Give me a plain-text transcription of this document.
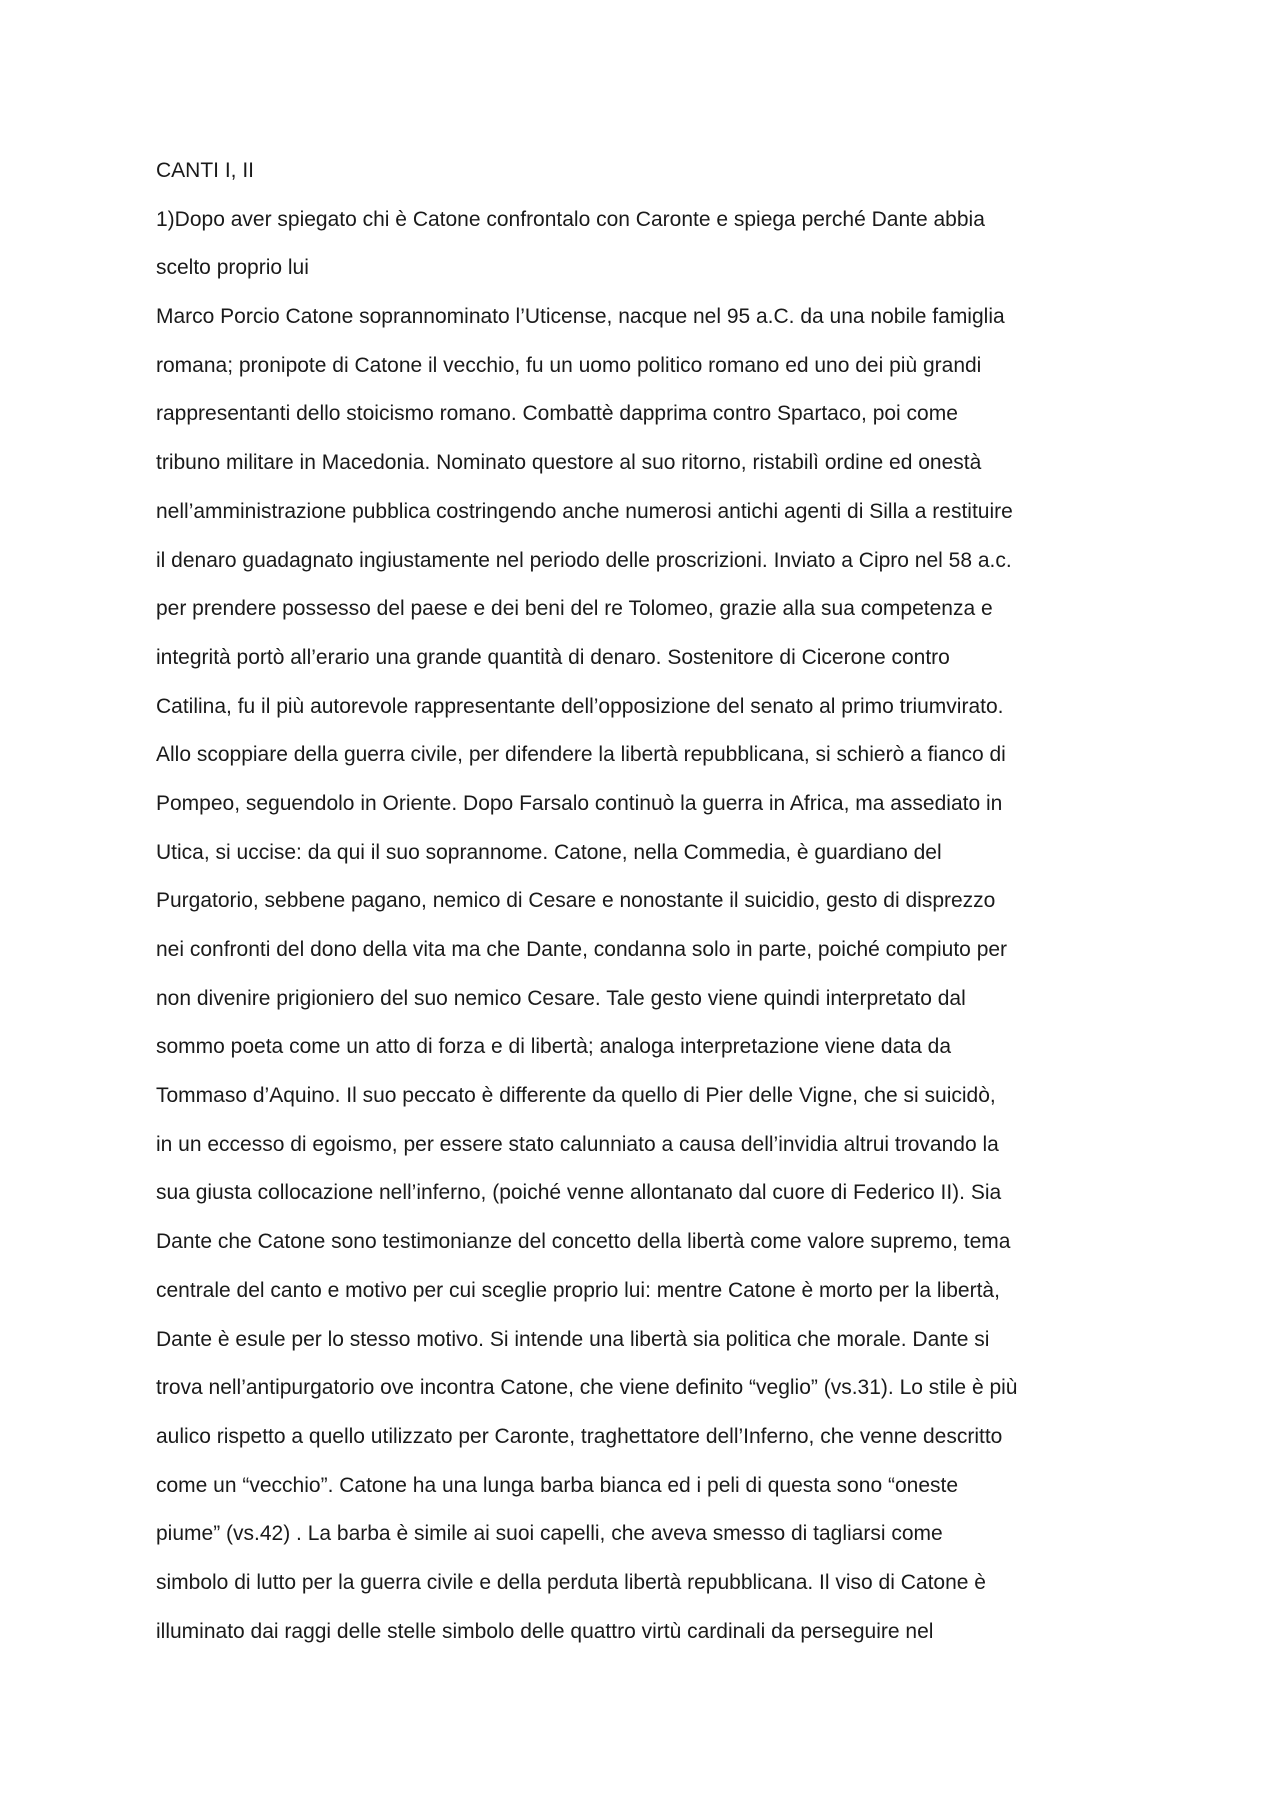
CANTI I, II
1)Dopo aver spiegato chi è Catone confrontalo con Caronte e spiega perché Dante abbia
scelto proprio lui
Marco Porcio Catone soprannominato l’Uticense, nacque nel 95 a.C. da una nobile famiglia
romana; pronipote di Catone il vecchio, fu un uomo politico romano ed uno dei più grandi
rappresentanti dello stoicismo romano. Combattè dapprima contro Spartaco, poi come
tribuno militare in Macedonia. Nominato questore al suo ritorno, ristabilì ordine ed onestà
nell’amministrazione pubblica costringendo anche numerosi antichi agenti di Silla a restituire
il denaro guadagnato ingiustamente nel periodo delle proscrizioni. Inviato a Cipro nel 58 a.c.
per prendere possesso del paese e dei beni del re Tolomeo, grazie alla sua competenza e
integrità portò all’erario una grande quantità di denaro. Sostenitore di Cicerone contro
Catilina, fu il più autorevole rappresentante dell’opposizione del senato al primo triumvirato.
Allo scoppiare della guerra civile, per difendere la libertà repubblicana, si schierò a fianco di
Pompeo, seguendolo in Oriente. Dopo Farsalo continuò la guerra in Africa, ma assediato in
Utica, si uccise: da qui il suo soprannome. Catone, nella Commedia, è guardiano del
Purgatorio, sebbene pagano, nemico di Cesare e nonostante il suicidio, gesto di disprezzo
nei confronti del dono della vita ma che Dante, condanna solo in parte, poiché compiuto per
non divenire prigioniero del suo nemico Cesare. Tale gesto viene quindi interpretato dal
sommo poeta come un atto di forza e di libertà; analoga interpretazione viene data da
Tommaso d’Aquino. Il suo peccato è differente da quello di Pier delle Vigne, che si suicidò,
in un eccesso di egoismo, per essere stato calunniato a causa dell’invidia altrui trovando la
sua giusta collocazione nell’inferno, (poiché venne allontanato dal cuore di Federico II). Sia
Dante che Catone sono testimonianze del concetto della libertà come valore supremo, tema
centrale del canto e motivo per cui sceglie proprio lui: mentre Catone è morto per la libertà,
Dante è esule per lo stesso motivo. Si intende una libertà sia politica che morale. Dante si
trova nell’antipurgatorio ove incontra Catone, che viene definito “veglio” (vs.31). Lo stile è più
aulico rispetto a quello utilizzato per Caronte, traghettatore dell’Inferno, che venne descritto
come un “vecchio”. Catone ha una lunga barba bianca ed i peli di questa sono “oneste
piume” (vs.42) . La barba è simile ai suoi capelli, che aveva smesso di tagliarsi come
simbolo di lutto per la guerra civile e della perduta libertà repubblicana. Il viso di Catone è
illuminato dai raggi delle stelle simbolo delle quattro virtù cardinali da perseguire nel
